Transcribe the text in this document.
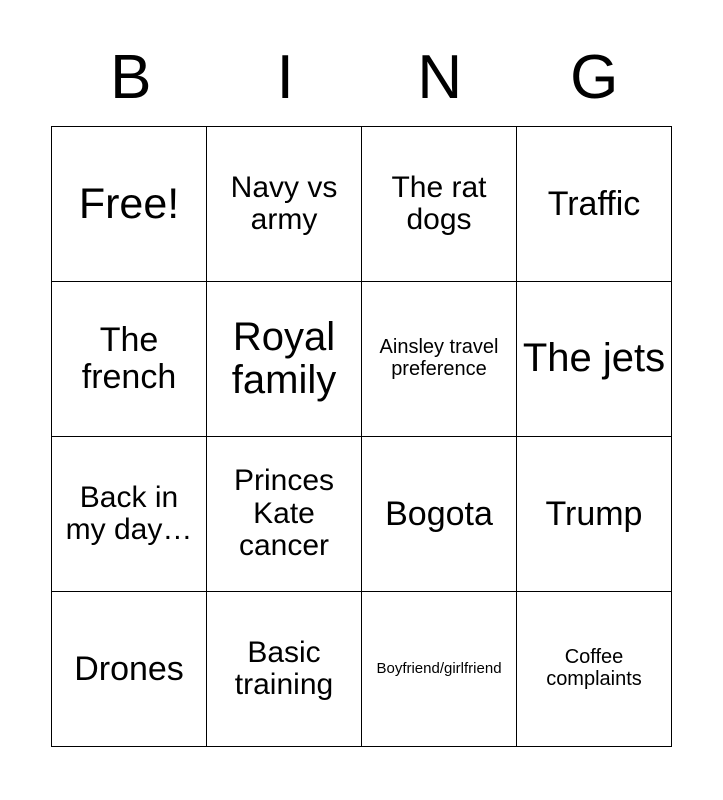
B	I	N	G
Free!	Navy vs army	The rat dogs	Traffic
The french	Royal family	Ainsley travel preference	The jets
Back in my day…	Princes Kate cancer	Bogota	Trump
Drones	Basic training	Boyfriend/girlfriend	Coffee complaints
